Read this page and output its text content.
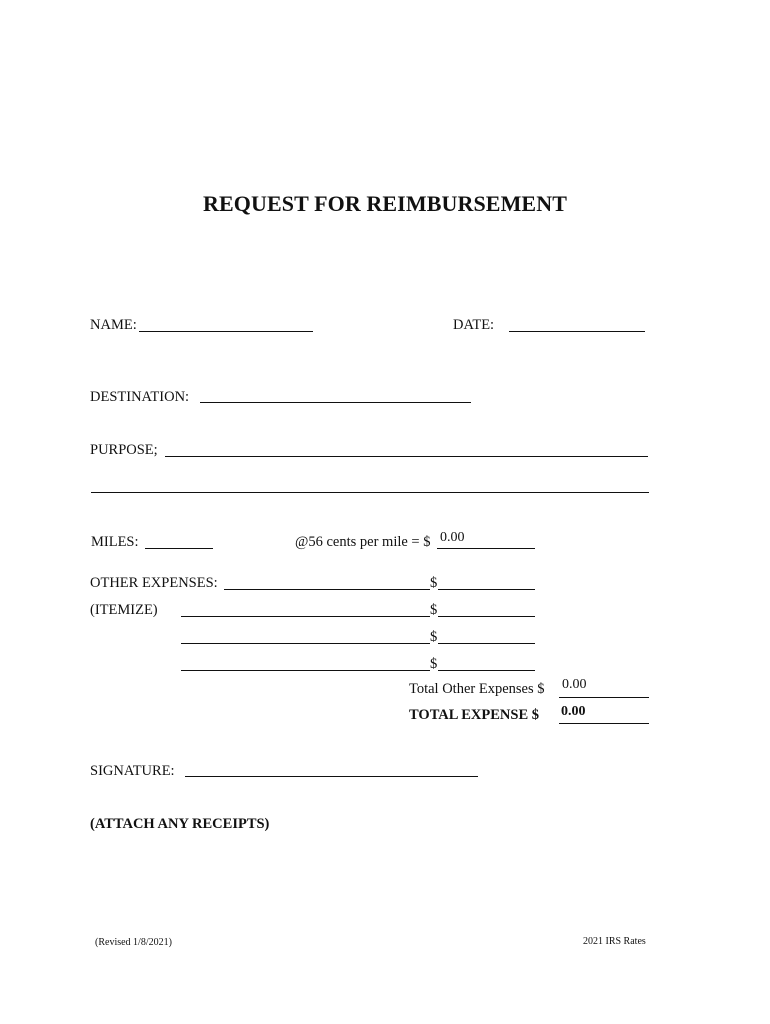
REQUEST FOR REIMBURSEMENT
NAME:	DATE:
DESTINATION:
PURPOSE;
MILES:	@56 cents per mile = $ 0.00
OTHER EXPENSES:	$
(ITEMIZE)	$
$
$
Total Other Expenses $ 0.00
TOTAL EXPENSE $ 0.00
SIGNATURE:
(ATTACH ANY RECEIPTS)
(Revised 1/8/2021)	2021 IRS Rates
